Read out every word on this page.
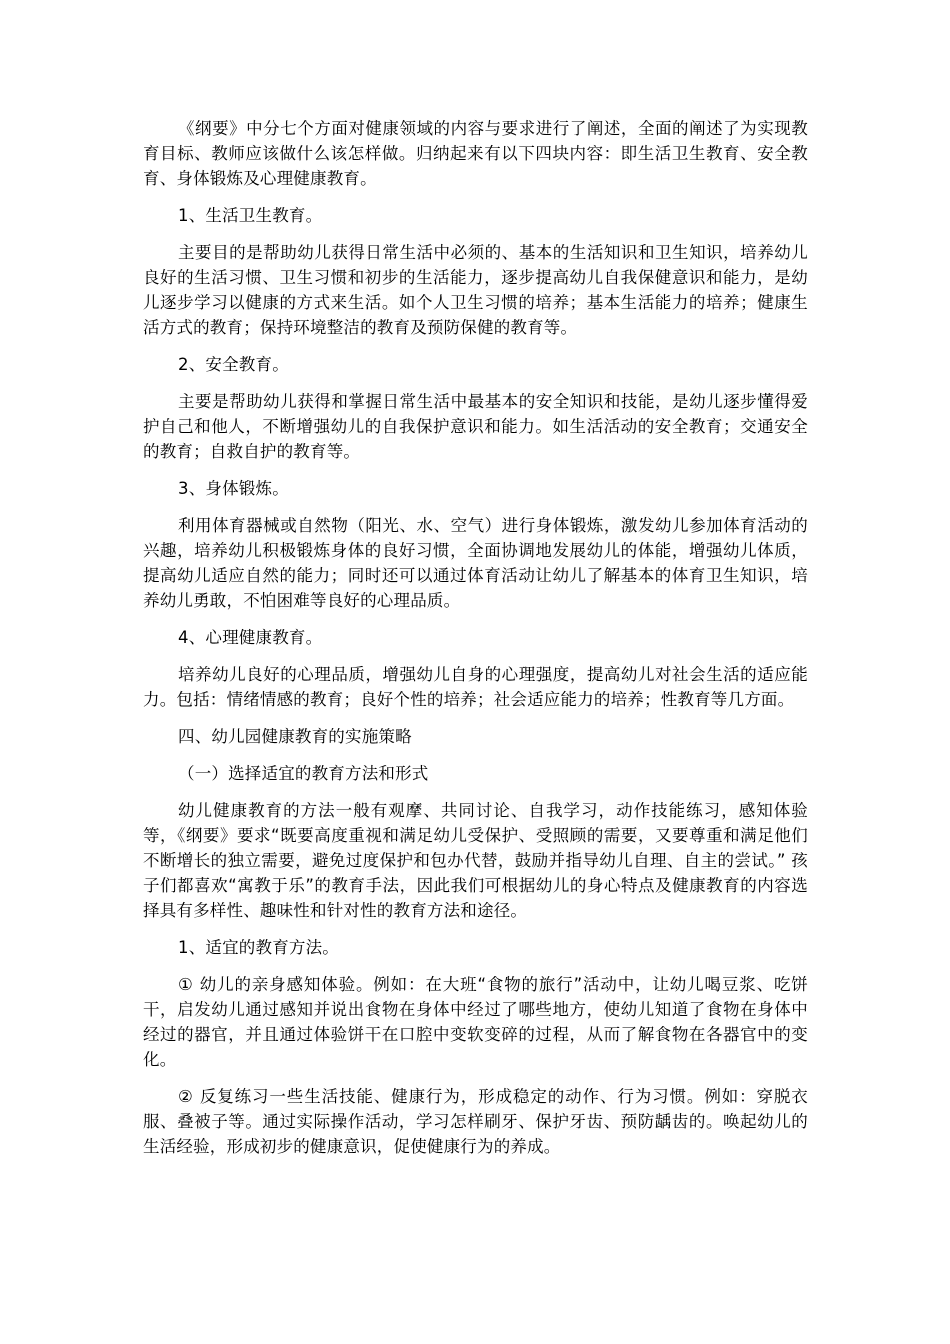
《纲要》中分七个方面对健康领域的内容与要求进行了阐述，全面的阐述了为实现教育目标、教师应该做什么该怎样做。归纳起来有以下四块内容：即生活卫生教育、安全教育、身体锻炼及心理健康教育。

1、生活卫生教育。

主要目的是帮助幼儿获得日常生活中必须的、基本的生活知识和卫生知识，培养幼儿良好的生活习惯、卫生习惯和初步的生活能力，逐步提高幼儿自我保健意识和能力，是幼儿逐步学习以健康的方式来生活。如个人卫生习惯的培养；基本生活能力的培养；健康生活方式的教育；保持环境整洁的教育及预防保健的教育等。

2、安全教育。

主要是帮助幼儿获得和掌握日常生活中最基本的安全知识和技能，是幼儿逐步懂得爱护自己和他人，不断增强幼儿的自我保护意识和能力。如生活活动的安全教育；交通安全的教育；自救自护的教育等。

3、身体锻炼。

利用体育器械或自然物（阳光、水、空气）进行身体锻炼，激发幼儿参加体育活动的兴趣，培养幼儿积极锻炼身体的良好习惯，全面协调地发展幼儿的体能，增强幼儿体质，提高幼儿适应自然的能力；同时还可以通过体育活动让幼儿了解基本的体育卫生知识，培养幼儿勇敢，不怕困难等良好的心理品质。

4、心理健康教育。

培养幼儿良好的心理品质，增强幼儿自身的心理强度，提高幼儿对社会生活的适应能力。包括：情绪情感的教育；良好个性的培养；社会适应能力的培养；性教育等几方面。

四、幼儿园健康教育的实施策略

（一）选择适宜的教育方法和形式

幼儿健康教育的方法一般有观摩、共同讨论、自我学习，动作技能练习，感知体验等，《纲要》要求“既要高度重视和满足幼儿受保护、受照顾的需要，又要尊重和满足他们不断增长的独立需要，避免过度保护和包办代替，鼓励并指导幼儿自理、自主的尝试。” 孩子们都喜欢“寓教于乐”的教育手法，因此我们可根据幼儿的身心特点及健康教育的内容选择具有多样性、趣味性和针对性的教育方法和途径。

1、适宜的教育方法。

① 幼儿的亲身感知体验。例如：在大班“食物的旅行”活动中，让幼儿喝豆浆、吃饼干，启发幼儿通过感知并说出食物在身体中经过了哪些地方，使幼儿知道了食物在身体中经过的器官，并且通过体验饼干在口腔中变软变碎的过程，从而了解食物在各器官中的变化。

② 反复练习一些生活技能、健康行为，形成稳定的动作、行为习惯。例如：穿脱衣服、叠被子等。通过实际操作活动，学习怎样刷牙、保护牙齿、预防龋齿的。唤起幼儿的生活经验，形成初步的健康意识，促使健康行为的养成。
